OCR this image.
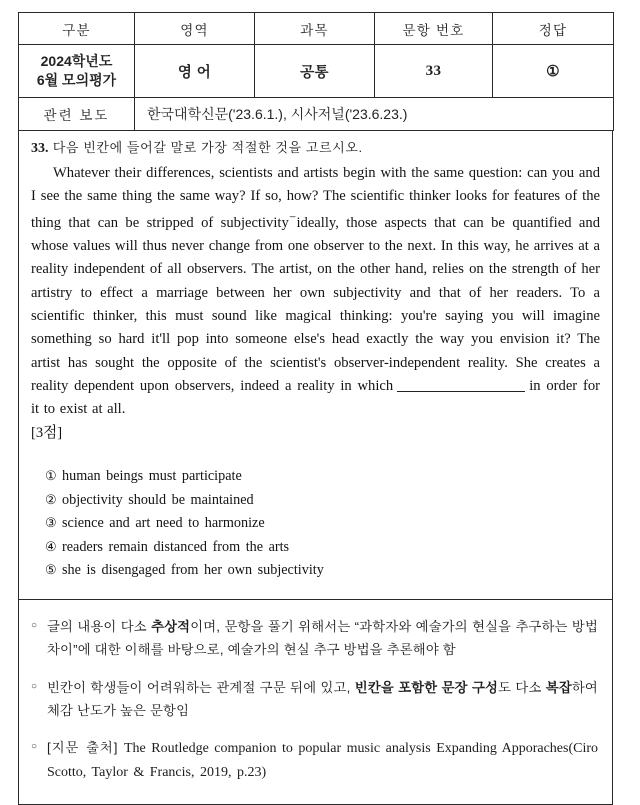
구분	영역	과목	문항 번호	정답
2024학년도
6월 모의평가	영 어	공통	33	①
관련 보도	한국대학신문('23.6.1.), 시사저널('23.6.23.)			

33. 다음 빈칸에 들어갈 말로 가장 적절한 것을 고르시오.

Whatever their differences, scientists and artists begin with the same question: can you and I see the same thing the same way? If so, how? The scientific thinker looks for features of the thing that can be stripped of subjectivity⁻ideally, those aspects that can be quantified and whose values will thus never change from one observer to the next. In this way, he arrives at a reality independent of all observers. The artist, on the other hand, relies on the strength of her artistry to effect a marriage between her own subjectivity and that of her readers. To a scientific thinker, this must sound like magical thinking: you're saying you will imagine something so hard it'll pop into someone else's head exactly the way you envision it? The artist has sought the opposite of the scientist's observer-independent reality. She creates a reality dependent upon observers, indeed a reality in which	in order for it to exist at all.

[3점]

① human beings must participate
② objectivity should be maintained
③ science and art need to harmonize
④ readers remain distanced from the arts
⑤ she is disengaged from her own subjectivity
○ 글의 내용이 다소 추상적이며, 문항을 풀기 위해서는 “과학자와 예술가의 현실을 추구하는 방법 차이”에 대한 이해를 바탕으로, 예술가의 현실 추구 방법을 추론해야 함
○ 빈칸이 학생들이 어려워하는 관계절 구문 뒤에 있고, 빈칸을 포함한 문장 구성도 다소 복잡하여 체감 난도가 높은 문항임
○ [지문 출처] The Routledge companion to popular music analysis Expanding Apporaches(Ciro Scotto, Taylor & Francis, 2019, p.23)
